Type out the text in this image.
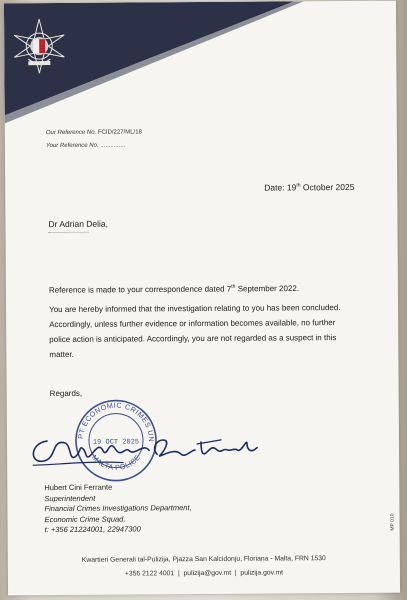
Our Reference No. FCID/227/ML/18
Your Reference No. ...............
Date: 19th October 2025
Dr Adrian Delia,
Reference is made to your correspondence dated 7th September 2022.
You are hereby informed that the investigation relating to you has been concluded. Accordingly, unless further evidence or information becomes available, no further police action is anticipated. Accordingly, you are not regarded as a suspect in this matter.
Regards,
SUPT ECONOMIC CRIMES UNIT
MALTA POLICE
19 OCT 2025
Hubert Cini Ferrante
Superintendent
Financial Crimes Investigations Department,
Economic Crime Squad,
t: +356 21224001, 22947300
Kwartieri Generali tal-Pulizija, Pjazza San Kalcidonju, Floriana - Malta, FRN 1530
+356 2122 4001 | pulizija@gov.mt | pulizija.gov.mt
MP 010
